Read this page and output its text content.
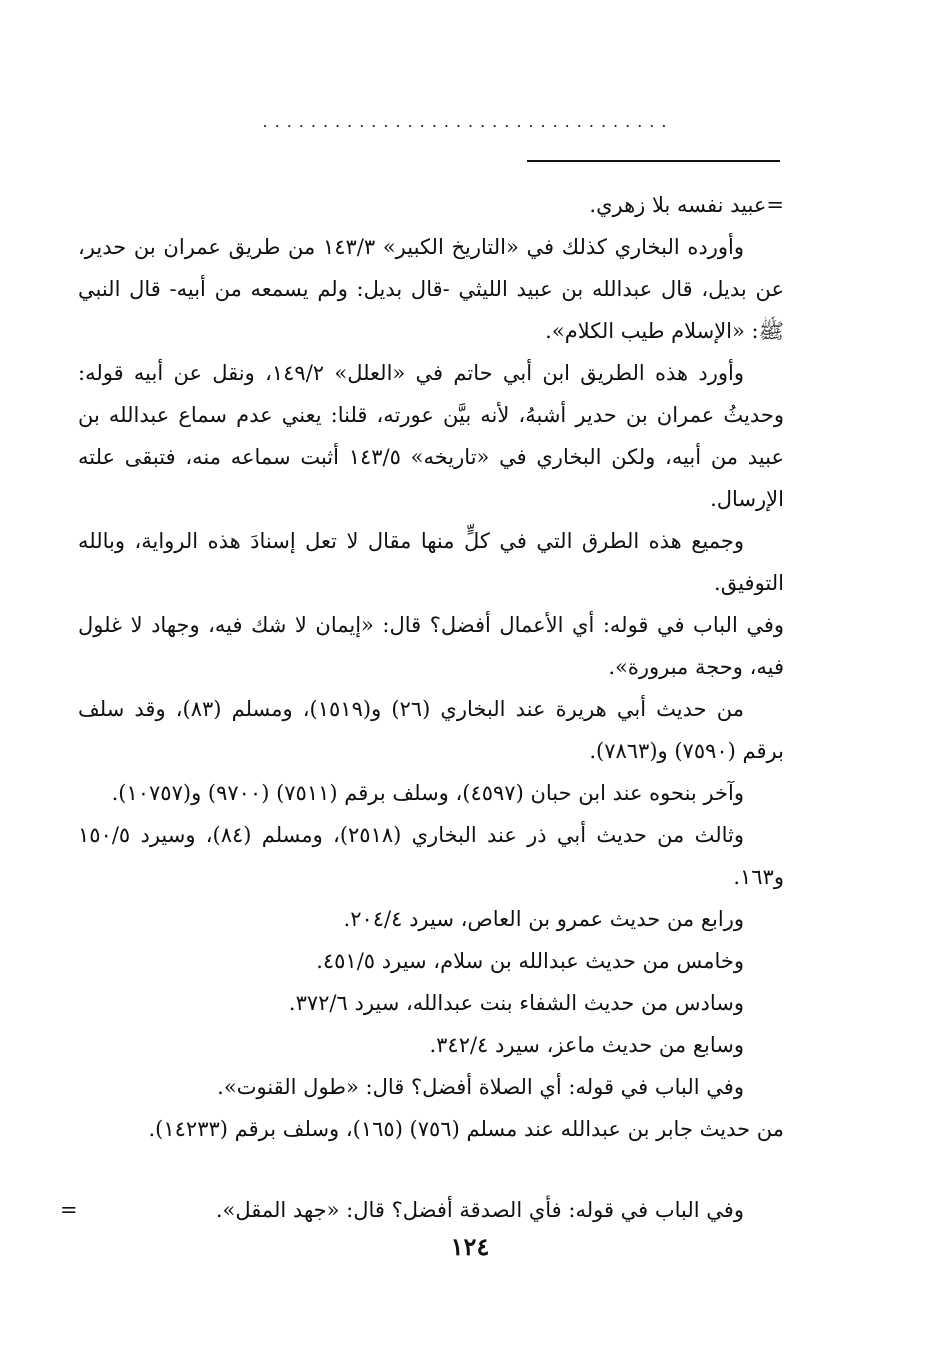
..................................

=عبيد نفسه بلا زهري.

وأورده البخاري كذلك في «التاريخ الكبير» ١٤٣/٣ من طريق عمران بن حدير، عن بديل، قال عبدالله بن عبيد الليثي -قال بديل: ولم يسمعه من أبيه- قال النبي ﷺ: «الإسلام طيب الكلام».

وأورد هذه الطريق ابن أبي حاتم في «العلل» ١٤٩/٢، ونقل عن أبيه قوله: وحديثُ عمران بن حدير أشبهُ، لأنه بيَّن عورته، قلنا: يعني عدم سماع عبدالله بن عبيد من أبيه، ولكن البخاري في «تاريخه» ١٤٣/٥ أثبت سماعه منه، فتبقى علته الإرسال.

وجميع هذه الطرق التي في كلٍّ منها مقال لا تعل إسنادَ هذه الرواية، وبالله التوفيق.

وفي الباب في قوله: أي الأعمال أفضل؟ قال: «إيمان لا شك فيه، وجهاد لا غلول فيه، وحجة مبرورة».

من حديث أبي هريرة عند البخاري (٢٦) و(١٥١٩)، ومسلم (٨٣)، وقد سلف برقم (٧٥٩٠) و(٧٨٦٣).

وآخر بنحوه عند ابن حبان (٤٥٩٧)، وسلف برقم (٧٥١١) (٩٧٠٠) و(١٠٧٥٧).

وثالث من حديث أبي ذر عند البخاري (٢٥١٨)، ومسلم (٨٤)، وسيرد ١٥٠/٥ و١٦٣.

ورابع من حديث عمرو بن العاص، سيرد ٢٠٤/٤.

وخامس من حديث عبدالله بن سلام، سيرد ٤٥١/٥.

وسادس من حديث الشفاء بنت عبدالله، سيرد ٣٧٢/٦.

وسابع من حديث ماعز، سيرد ٣٤٢/٤.

وفي الباب في قوله: أي الصلاة أفضل؟ قال: «طول القنوت».

من حديث جابر بن عبدالله عند مسلم (٧٥٦) (١٦٥)، وسلف برقم (١٤٢٣٣).

وفي الباب في قوله: فأي الصدقة أفضل؟ قال: «جهد المقل».
=
١٢٤
